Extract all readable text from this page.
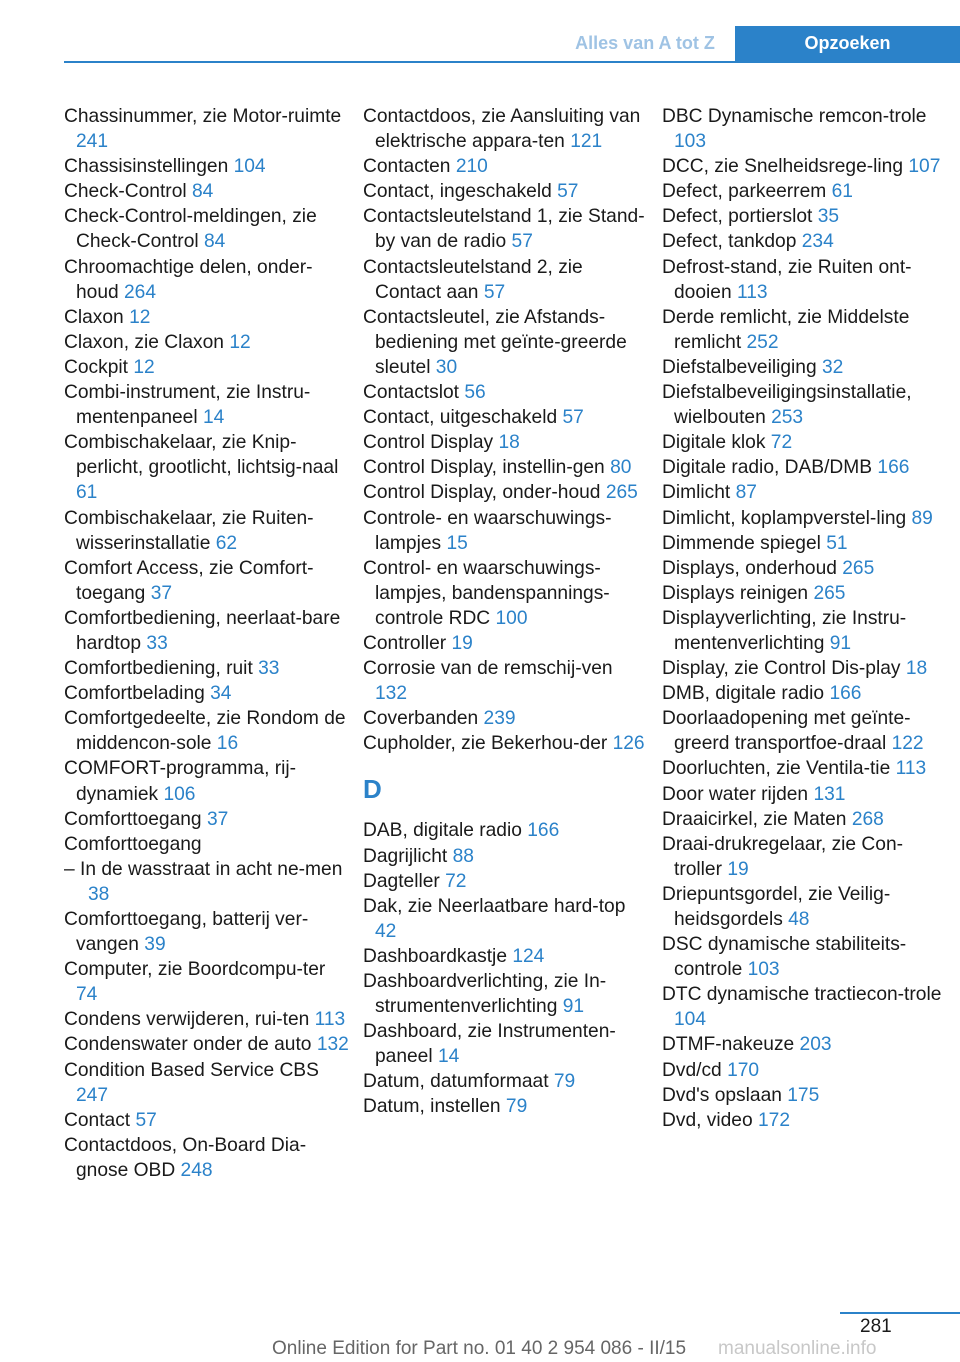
Alles van A tot Z	Opzoeken
Chassinummer, zie Motor-ruimte 241
Chassisinstellingen 104
Check-Control 84
Check-Control-meldingen, zie Check-Control 84
Chroomachtige delen, onder-houd 264
Claxon 12
Claxon, zie Claxon 12
Cockpit 12
Combi-instrument, zie Instru-mentenpaneel 14
Combischakelaar, zie Knip-perlicht, grootlicht, lichtsig-naal 61
Combischakelaar, zie Ruiten-wisserinstallatie 62
Comfort Access, zie Comfort-toegang 37
Comfortbediening, neerlaat-bare hardtop 33
Comfortbediening, ruit 33
Comfortbelading 34
Comfortgedeelte, zie Rondom de middencon-sole 16
COMFORT-programma, rij-dynamiek 106
Comforttoegang 37
Comforttoegang
– In de wasstraat in acht ne-men 38
Comforttoegang, batterij ver-vangen 39
Computer, zie Boordcompu-ter 74
Condens verwijderen, rui-ten 113
Condenswater onder de auto 132
Condition Based Service CBS 247
Contact 57
Contactdoos, On-Board Dia-gnose OBD 248
Contactdoos, zie Aansluiting van elektrische appara-ten 121
Contacten 210
Contact, ingeschakeld 57
Contactsleutelstand 1, zie Stand-by van de radio 57
Contactsleutelstand 2, zie Contact aan 57
Contactsleutel, zie Afstands-bediening met geïnte-greerde sleutel 30
Contactslot 56
Contact, uitgeschakeld 57
Control Display 18
Control Display, instellin-gen 80
Control Display, onder-houd 265
Controle- en waarschuwings-lampjes 15
Control- en waarschuwings-lampjes, bandenspannings-controle RDC 100
Controller 19
Corrosie van de remschij-ven 132
Coverbanden 239
Cupholder, zie Bekerhou-der 126
D
DAB, digitale radio 166
Dagrijlicht 88
Dagteller 72
Dak, zie Neerlaatbare hard-top 42
Dashboardkastje 124
Dashboardverlichting, zie In-strumentenverlichting 91
Dashboard, zie Instrumenten-paneel 14
Datum, datumformaat 79
Datum, instellen 79
DBC Dynamische remcon-trole 103
DCC, zie Snelheidsrege-ling 107
Defect, parkeerrem 61
Defect, portierslot 35
Defect, tankdop 234
Defrost-stand, zie Ruiten ont-dooien 113
Derde remlicht, zie Middelste remlicht 252
Diefstalbeveiliging 32
Diefstalbeveiligingsinstallatie, wielbouten 253
Digitale klok 72
Digitale radio, DAB/DMB 166
Dimlicht 87
Dimlicht, koplampverstel-ling 89
Dimmende spiegel 51
Displays, onderhoud 265
Displays reinigen 265
Displayverlichting, zie Instru-mentenverlichting 91
Display, zie Control Dis-play 18
DMB, digitale radio 166
Doorlaadopening met geïnte-greerd transportfoe-draal 122
Doorluchten, zie Ventila-tie 113
Door water rijden 131
Draaicirkel, zie Maten 268
Draai-drukregelaar, zie Con-troller 19
Driepuntsgordel, zie Veilig-heidsgordels 48
DSC dynamische stabiliteits-controle 103
DTC dynamische tractiecon-trole 104
DTMF-nakeuze 203
Dvd/cd 170
Dvd's opslaan 175
Dvd, video 172
281
Online Edition for Part no. 01 40 2 954 086 - II/15 manualsonline.info
